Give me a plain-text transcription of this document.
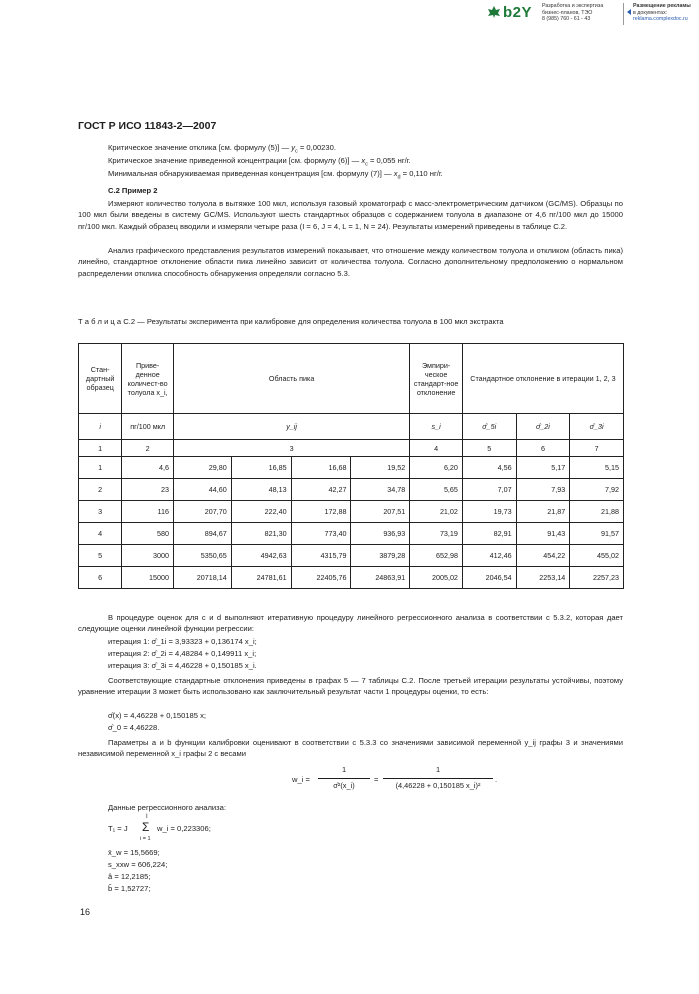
b2Y Разработка и экспертиза
бизнес-планов, ТЭО
8 (985) 760 - 61 - 43
Размещение рекламы
в документах:
reklama.complexdoc.ru
ГОСТ Р ИСО 11843-2—2007
Критическое значение отклика [см. формулу (5)] — $y_c = 0,00230$.
Критическое значение приведенной концентрации [см. формулу (6)] — $x_c = 0,055$ нг/г.
Минимальная обнаруживаемая приведенная концентрация [см. формулу (7)] — $x_d = 0,110$ нг/г.
С.2 Пример 2
Измеряют количество толуола в вытяжке 100 мкл, используя газовый хроматограф с масс-электрометрическим датчиком (GC/MS). Образцы по 100 мкл были введены в систему GC/MS. Используют шесть стандартных образцов с содержанием толуола в диапазоне от 4,6 пг/100 мкл до 15000 пг/100 мкл. Каждый образец вводили и измеряли четыре раза (I = 6, J = 4, L = 1, N = 24). Результаты измерений приведены в таблице С.2.
Анализ графического представления результатов измерений показывает, что отношение между количеством толуола и откликом (область пика) линейно, стандартное отклонение области пика линейно зависит от количества толуола. Согласно дополнительному предположению о нормальном распределении отклика способность обнаружения определяли согласно 5.3.
Т а б л и ц а С.2 — Результаты эксперимента при калибровке для определения количества толуола в 100 мкл экстракта
Стан-дартный образец	Приве-денное количест-во толуола x_i,	Область пика				Эмпири-ческое стандарт-ное отклонение	Стандартное отклонение в итерации 1, 2, 3		
i	пг/100 мкл	y_ij				s_i	σ̂_5i	σ̂_2i	σ̂_3i
1	2	3				4	5	6	7
1	4,6	29,80	16,85	16,68	19,52	6,20	4,56	5,17	5,15
2	23	44,60	48,13	42,27	34,78	5,65	7,07	7,93	7,92
3	116	207,70	222,40	172,88	207,51	21,02	19,73	21,87	21,88
4	580	894,67	821,30	773,40	936,93	73,19	82,91	91,43	91,57
5	3000	5350,65	4942,63	4315,79	3879,28	652,98	412,46	454,22	455,02
6	15000	20718,14	24781,61	22405,76	24863,91	2005,02	2046,54	2253,14	2257,23
В процедуре оценок для c и d выполняют итеративную процедуру линейного регрессионного анализа в соответствии с 5.3.2, которая дает следующие оценки линейной функции регрессии:
итерация 1: σ̂_1i = 3,93323 + 0,136174 x_i;
итерация 2: σ̂_2i = 4,48284 + 0,149911 x_i;
итерация 3: σ̂_3i = 4,46228 + 0,150185 x_i.
Соответствующие стандартные отклонения приведены в графах 5 — 7 таблицы С.2. После третьей итерации результаты устойчивы, поэтому уравнение итерации 3 может быть использовано как заключительный результат части 1 процедуры оценки, то есть:
σ̂(x) = 4,46228 + 0,150185 x;
σ̂_0 = 4,46228.
Параметры a и b функции калибровки оценивают в соответствии с 5.3.3 со значениями зависимой переменной y_ij графы 3 и значениями независимой переменной x_i графы 2 с весами
w_i =
1
σ̂²(x_i)
=
1
(4,46228 + 0,150185 x_i)²
.
Данные регрессионного анализа:
T₁ = J
I
Σ
i = 1
w_i = 0,223306;
x̄_w = 15,5669;
s_xxw = 606,224;
â = 12,2185;
b̂ = 1,52727;
16
